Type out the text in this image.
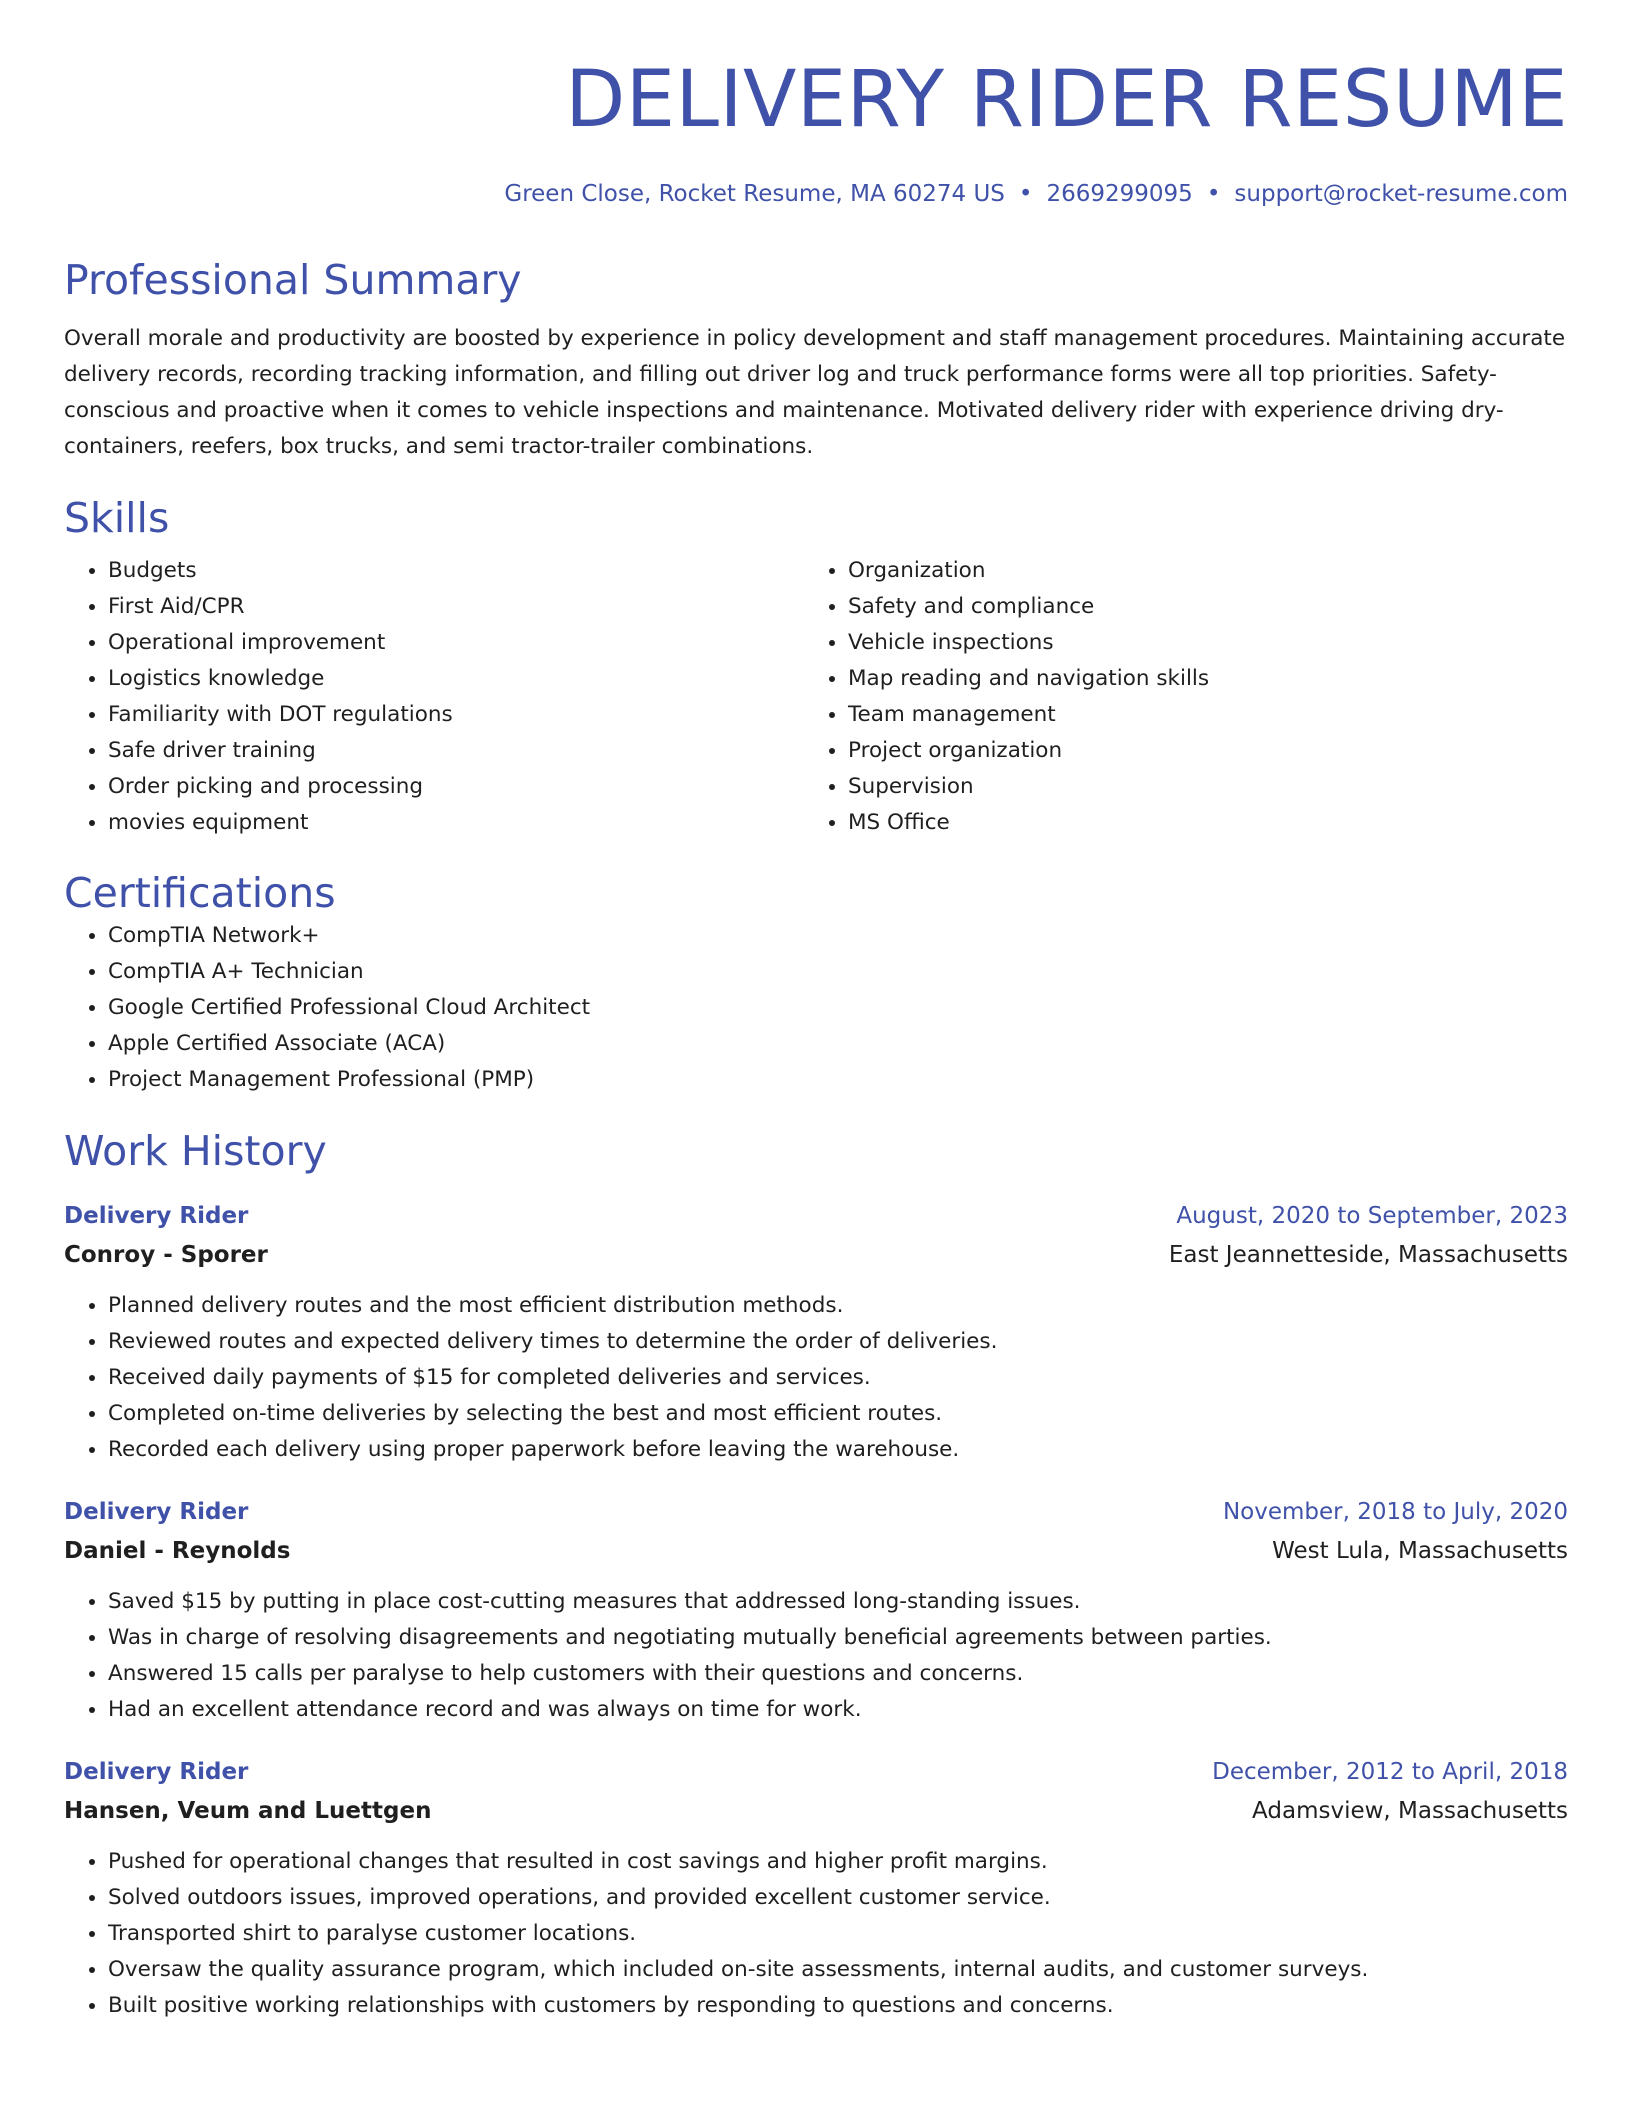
DELIVERY RIDER RESUME
Green Close, Rocket Resume, MA 60274 US • 2669299095 • support@rocket-resume.com
Professional Summary
Overall morale and productivity are boosted by experience in policy development and staff management procedures. Maintaining accurate delivery records, recording tracking information, and filling out driver log and truck performance forms were all top priorities. Safety-conscious and proactive when it comes to vehicle inspections and maintenance. Motivated delivery rider with experience driving dry-containers, reefers, box trucks, and semi tractor-trailer combinations.
Skills
• Budgets
• First Aid/CPR
• Operational improvement
• Logistics knowledge
• Familiarity with DOT regulations
• Safe driver training
• Order picking and processing
• movies equipment
• Organization
• Safety and compliance
• Vehicle inspections
• Map reading and navigation skills
• Team management
• Project organization
• Supervision
• MS Office
Certifications
• CompTIA Network+
• CompTIA A+ Technician
• Google Certified Professional Cloud Architect
• Apple Certified Associate (ACA)
• Project Management Professional (PMP)
Work History
Delivery Rider	August, 2020 to September, 2023
Conroy - Sporer	East Jeannetteside, Massachusetts
• Planned delivery routes and the most efficient distribution methods.
• Reviewed routes and expected delivery times to determine the order of deliveries.
• Received daily payments of $15 for completed deliveries and services.
• Completed on-time deliveries by selecting the best and most efficient routes.
• Recorded each delivery using proper paperwork before leaving the warehouse.
Delivery Rider	November, 2018 to July, 2020
Daniel - Reynolds	West Lula, Massachusetts
• Saved $15 by putting in place cost-cutting measures that addressed long-standing issues.
• Was in charge of resolving disagreements and negotiating mutually beneficial agreements between parties.
• Answered 15 calls per paralyse to help customers with their questions and concerns.
• Had an excellent attendance record and was always on time for work.
Delivery Rider	December, 2012 to April, 2018
Hansen, Veum and Luettgen	Adamsview, Massachusetts
• Pushed for operational changes that resulted in cost savings and higher profit margins.
• Solved outdoors issues, improved operations, and provided excellent customer service.
• Transported shirt to paralyse customer locations.
• Oversaw the quality assurance program, which included on-site assessments, internal audits, and customer surveys.
• Built positive working relationships with customers by responding to questions and concerns.
